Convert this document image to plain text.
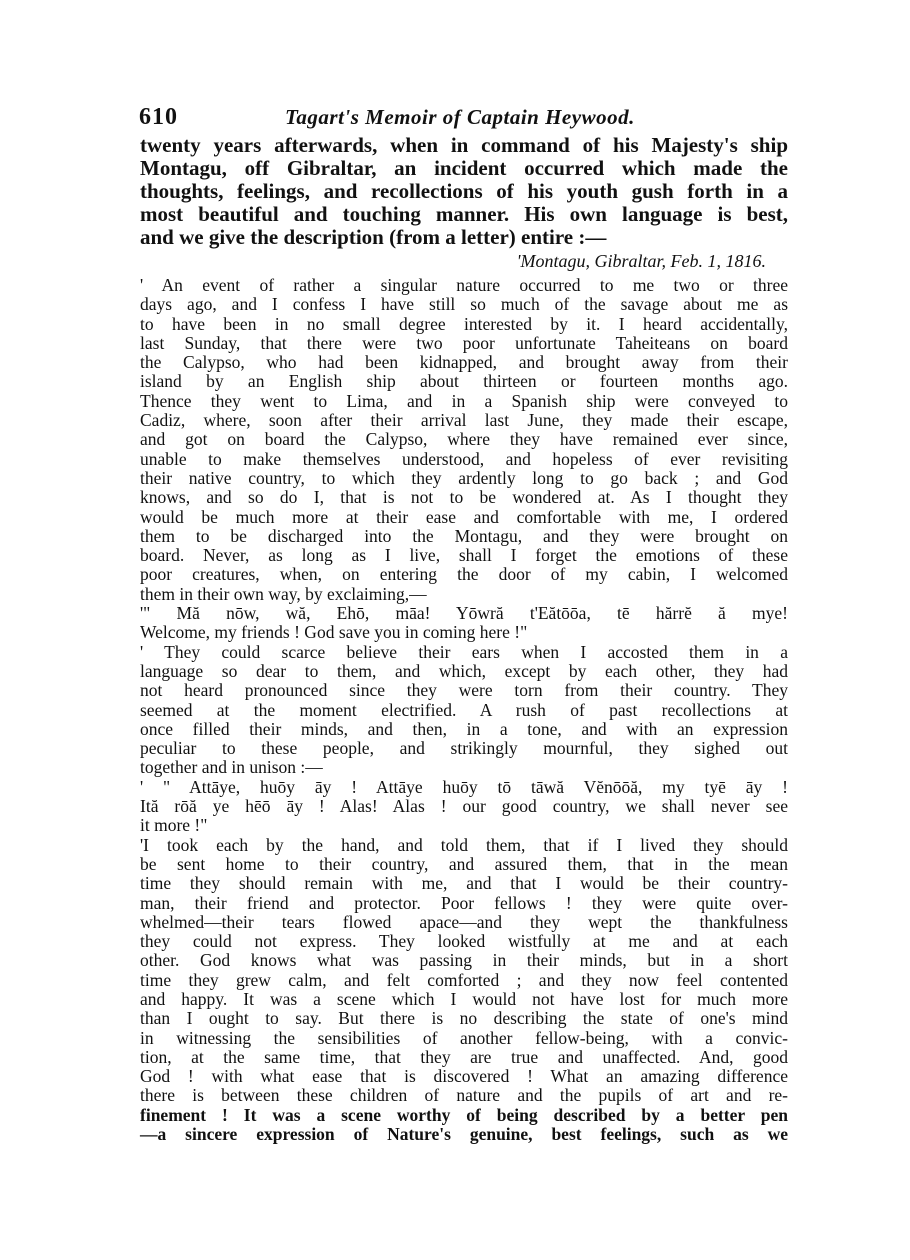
610	Tagart's Memoir of Captain Heywood.
twenty years afterwards, when in command of his Majesty's ship
Montagu, off Gibraltar, an incident occurred which made the
thoughts, feelings, and recollections of his youth gush forth in a
most beautiful and touching manner. His own language is best,
and we give the description (from a letter) entire :—
'Montagu, Gibraltar, Feb. 1, 1816.
' An event of rather a singular nature occurred to me two or three
days ago, and I confess I have still so much of the savage about me as
to have been in no small degree interested by it. I heard accidentally,
last Sunday, that there were two poor unfortunate Taheiteans on board
the Calypso, who had been kidnapped, and brought away from their
island by an English ship about thirteen or fourteen months ago.
Thence they went to Lima, and in a Spanish ship were conveyed to
Cadiz, where, soon after their arrival last June, they made their escape,
and got on board the Calypso, where they have remained ever since,
unable to make themselves understood, and hopeless of ever revisiting
their native country, to which they ardently long to go back ; and God
knows, and so do I, that is not to be wondered at. As I thought they
would be much more at their ease and comfortable with me, I ordered
them to be discharged into the Montagu, and they were brought on
board. Never, as long as I live, shall I forget the emotions of these
poor creatures, when, on entering the door of my cabin, I welcomed
them in their own way, by exclaiming,—
'" Mă nōw, wă, Ehō, māa! Yōwră t'Eătōōa, tē hărrĕ ă mye!
Welcome, my friends ! God save you in coming here !"
' They could scarce believe their ears when I accosted them in a
language so dear to them, and which, except by each other, they had
not heard pronounced since they were torn from their country. They
seemed at the moment electrified. A rush of past recollections at
once filled their minds, and then, in a tone, and with an expression
peculiar to these people, and strikingly mournful, they sighed out
together and in unison :—
' " Attāye, huōy āy ! Attāye huōy tō tāwă Vĕnōōă, my tyē āy !
Ită rōă ye hēō āy ! Alas! Alas ! our good country, we shall never see
it more !"
'I took each by the hand, and told them, that if I lived they should
be sent home to their country, and assured them, that in the mean
time they should remain with me, and that I would be their country-
man, their friend and protector. Poor fellows ! they were quite over-
whelmed—their tears flowed apace—and they wept the thankfulness
they could not express. They looked wistfully at me and at each
other. God knows what was passing in their minds, but in a short
time they grew calm, and felt comforted ; and they now feel contented
and happy. It was a scene which I would not have lost for much more
than I ought to say. But there is no describing the state of one's mind
in witnessing the sensibilities of another fellow-being, with a convic-
tion, at the same time, that they are true and unaffected. And, good
God ! with what ease that is discovered ! What an amazing difference
there is between these children of nature and the pupils of art and re-
finement ! It was a scene worthy of being described by a better pen
—a sincere expression of Nature's genuine, best feelings, such as we
